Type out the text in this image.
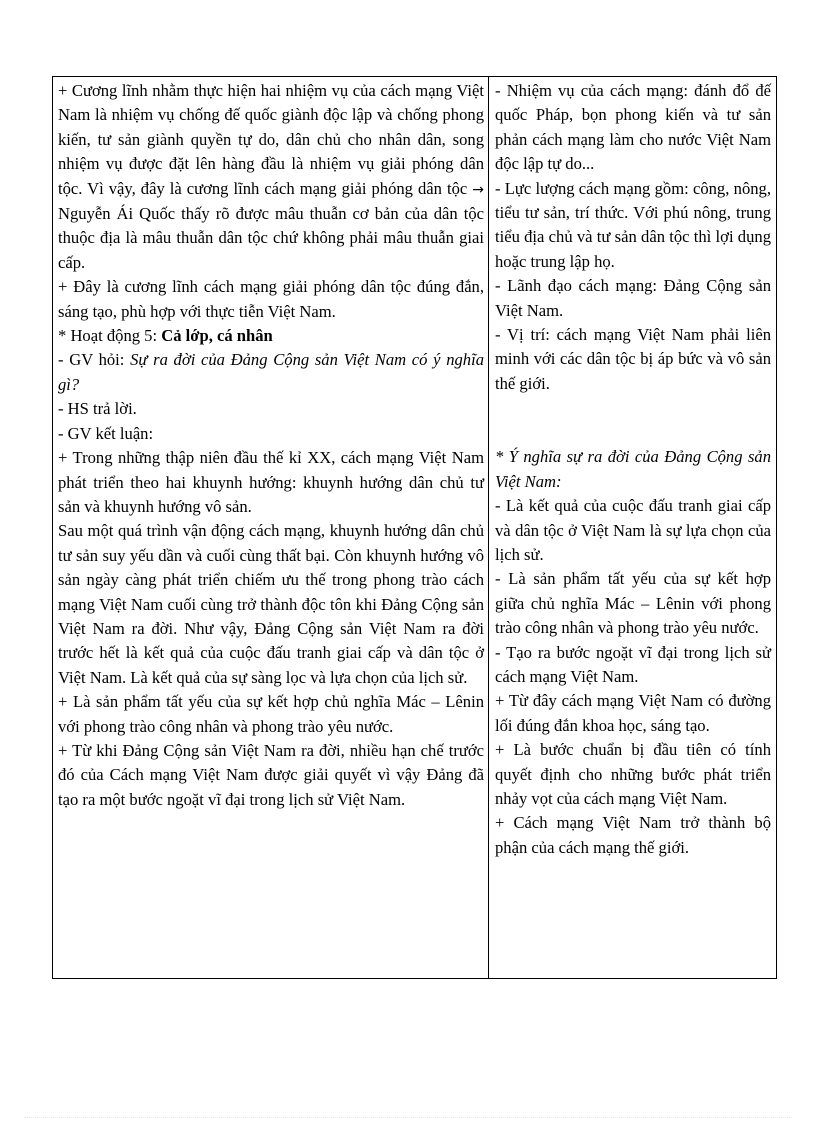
+ Cương lĩnh nhằm thực hiện hai nhiệm vụ của cách mạng Việt Nam là nhiệm vụ chống đế quốc giành độc lập và chống phong kiến, tư sản giành quyền tự do, dân chủ cho nhân dân, song nhiệm vụ được đặt lên hàng đầu là nhiệm vụ giải phóng dân tộc. Vì vậy, đây là cương lĩnh cách mạng giải phóng dân tộc → Nguyễn Ái Quốc thấy rõ được mâu thuẫn cơ bản của dân tộc thuộc địa là mâu thuẫn dân tộc chứ không phải mâu thuẫn giai cấp.

+ Đây là cương lĩnh cách mạng giải phóng dân tộc đúng đắn, sáng tạo, phù hợp với thực tiễn Việt Nam.

* Hoạt động 5: Cả lớp, cá nhân

- GV hỏi: Sự ra đời của Đảng Cộng sản Việt Nam có ý nghĩa gì?

- HS trả lời.

- GV kết luận:

+ Trong những thập niên đầu thế kỉ XX, cách mạng Việt Nam phát triển theo hai khuynh hướng: khuynh hướng dân chủ tư sản và khuynh hướng vô sản.

Sau một quá trình vận động cách mạng, khuynh hướng dân chủ tư sản suy yếu dần và cuối cùng thất bại. Còn khuynh hướng vô sản ngày càng phát triển chiếm ưu thế trong phong trào cách mạng Việt Nam cuối cùng trở thành độc tôn khi Đảng Cộng sản Việt Nam ra đời. Như vậy, Đảng Cộng sản Việt Nam ra đời trước hết là kết quả của cuộc đấu tranh giai cấp và dân tộc ở Việt Nam. Là kết quả của sự sàng lọc và lựa chọn của lịch sử.

+ Là sản phẩm tất yếu của sự kết hợp chủ nghĩa Mác – Lênin với phong trào công nhân và phong trào yêu nước.

+ Từ khi Đảng Cộng sản Việt Nam ra đời, nhiều hạn chế trước đó của Cách mạng Việt Nam được giải quyết vì vậy Đảng đã tạo ra một bước ngoặt vĩ đại trong lịch sử Việt Nam.

- Nhiệm vụ của cách mạng: đánh đổ đế quốc Pháp, bọn phong kiến và tư sản phản cách mạng làm cho nước Việt Nam độc lập tự do...

- Lực lượng cách mạng gồm: công, nông, tiểu tư sản, trí thức. Với phú nông, trung tiểu địa chủ và tư sản dân tộc thì lợi dụng hoặc trung lập họ.

- Lãnh đạo cách mạng: Đảng Cộng sản Việt Nam.

- Vị trí: cách mạng Việt Nam phải liên minh với các dân tộc bị áp bức và vô sản thế giới.

* Ý nghĩa sự ra đời của Đảng Cộng sản Việt Nam:

- Là kết quả của cuộc đấu tranh giai cấp và dân tộc ở Việt Nam là sự lựa chọn của lịch sử.

- Là sản phẩm tất yếu của sự kết hợp giữa chủ nghĩa Mác – Lênin với phong trào công nhân và phong trào yêu nước.

- Tạo ra bước ngoặt vĩ đại trong lịch sử cách mạng Việt Nam.

+ Từ đây cách mạng Việt Nam có đường lối đúng đắn khoa học, sáng tạo.

+ Là bước chuẩn bị đầu tiên có tính quyết định cho những bước phát triển nhảy vọt của cách mạng Việt Nam.

+ Cách mạng Việt Nam trở thành bộ phận của cách mạng thế giới.
